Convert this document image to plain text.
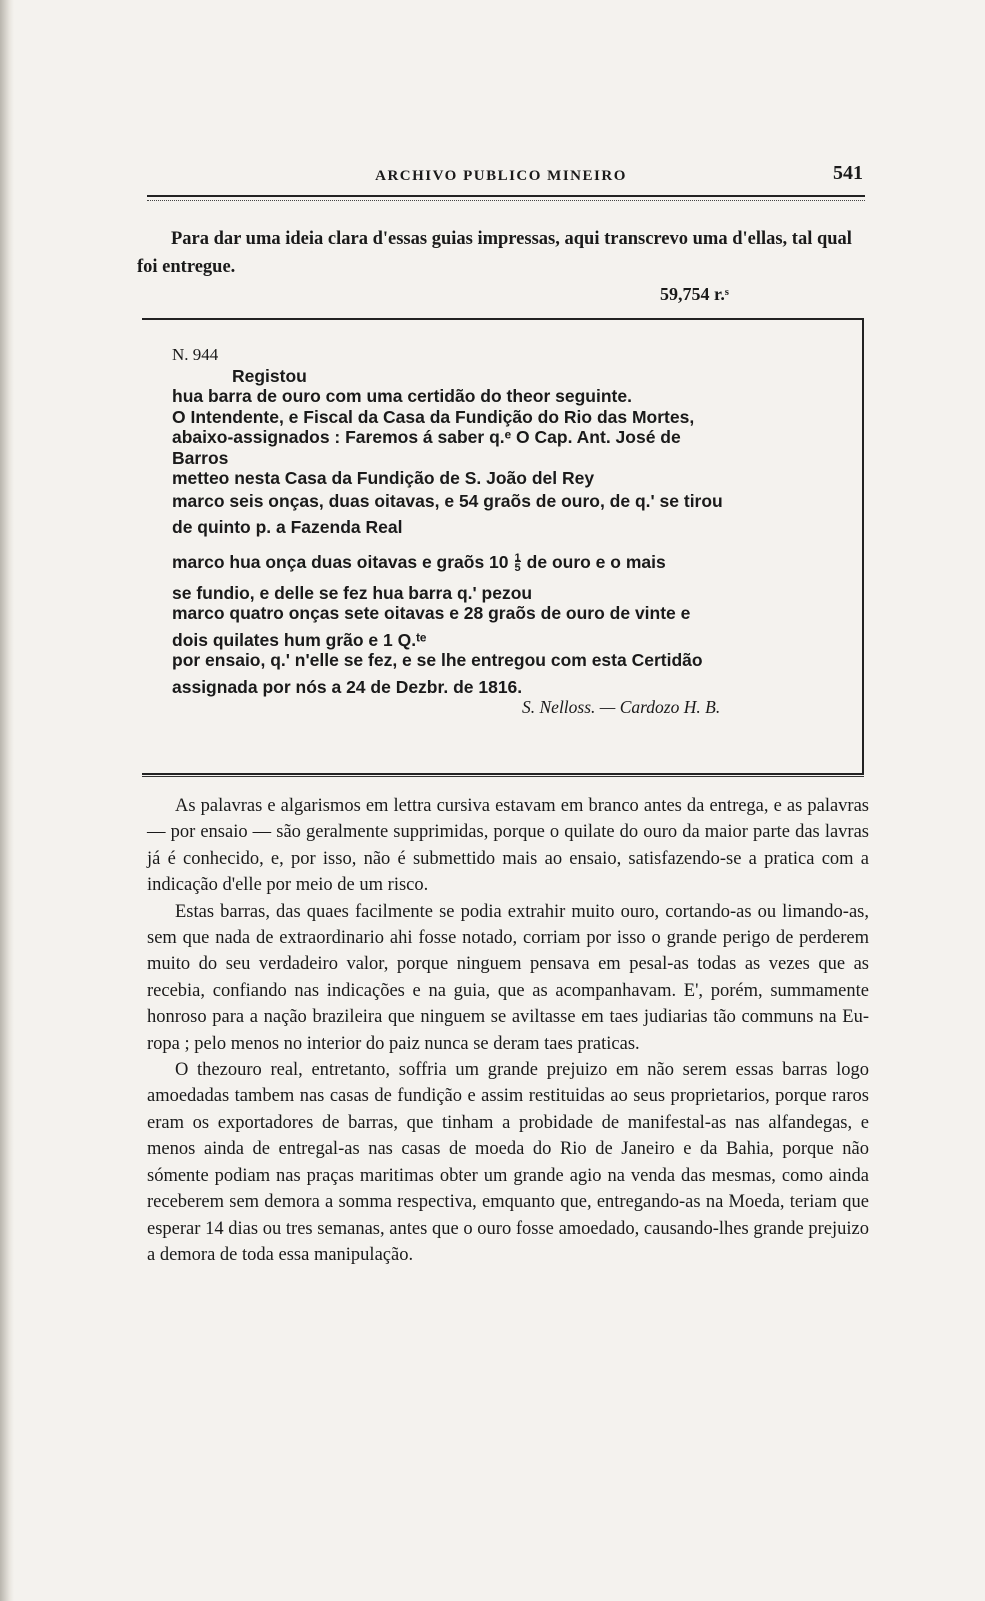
ARCHIVO PUBLICO MINEIRO	541

Para dar uma ideia clara d'essas guias impressas, aqui transcrevo uma d'ellas, tal qual foi entregue.

59,754 r.ˢ
N. 944
Registou
hua barra de ouro com uma certidão do theor seguinte.
O Intendente, e Fiscal da Casa da Fundição do Rio das Mortes,
abaixo-assignados : Faremos á saber q.ᵉ O Cap. Ant. José de
Barros
metteo nesta Casa da Fundição de S. João del Rey
marco seis onças, duas oitavas, e 54 graõs de ouro, de q.' se tirou
de quinto p. a Fazenda Real
marco hua onça duas oitavas e graõs $10 \frac{1}{5}$ de ouro e o mais
se fundio, e delle se fez hua barra q.' pezou
marco quatro onças sete oitavas e 28 graõs de ouro de vinte e
dois quilates hum grão e 1 Q.ᵗᵉ
por ensaio, q.' n'elle se fez, e se lhe entregou com esta Certidão
assignada por nós a 24 de Dezbr. de 1816.
S. Nelloss. — Cardozo H. B.

As palavras e algarismos em lettra cursiva estavam em branco antes da entrega, e as palavras — por ensaio — são geralmente supprimidas, porque o quilate do ouro da maior parte das lavras já é conhecido, e, por isso, não é submettido mais ao ensaio, satisfazendo-se a pratica com a indicação d'elle por meio de um risco.

Estas barras, das quaes facilmente se podia extrahir muito ouro, cortando-as ou limando-as, sem que nada de extraordinario ahi fosse notado, corriam por isso o grande perigo de perderem muito do seu verdadeiro valor, porque ninguem pensava em pesal-as todas as vezes que as recebia, confiando nas indicações e na guia, que as acompanhavam. E', porém, summamente honroso para a nação brazileira que ninguem se aviltasse em taes judiarias tão communs na Europa ; pelo menos no interior do paiz nunca se deram taes praticas.

O thezouro real, entretanto, soffria um grande prejuizo em não serem essas barras logo amoedadas tambem nas casas de fundição e assim restituidas ao seus proprietarios, porque raros eram os exportadores de barras, que tinham a probidade de manifestal-as nas alfandegas, e menos ainda de entregal-as nas casas de moeda do Rio de Janeiro e da Bahia, porque não sómente podiam nas praças maritimas obter um grande agio na venda das mesmas, como ainda receberem sem demora a somma respectiva, emquanto que, entregando-as na Moeda, teriam que esperar 14 dias ou tres semanas, antes que o ouro fosse amoedado, causando-lhes grande prejuizo a demora de toda essa manipulação.
